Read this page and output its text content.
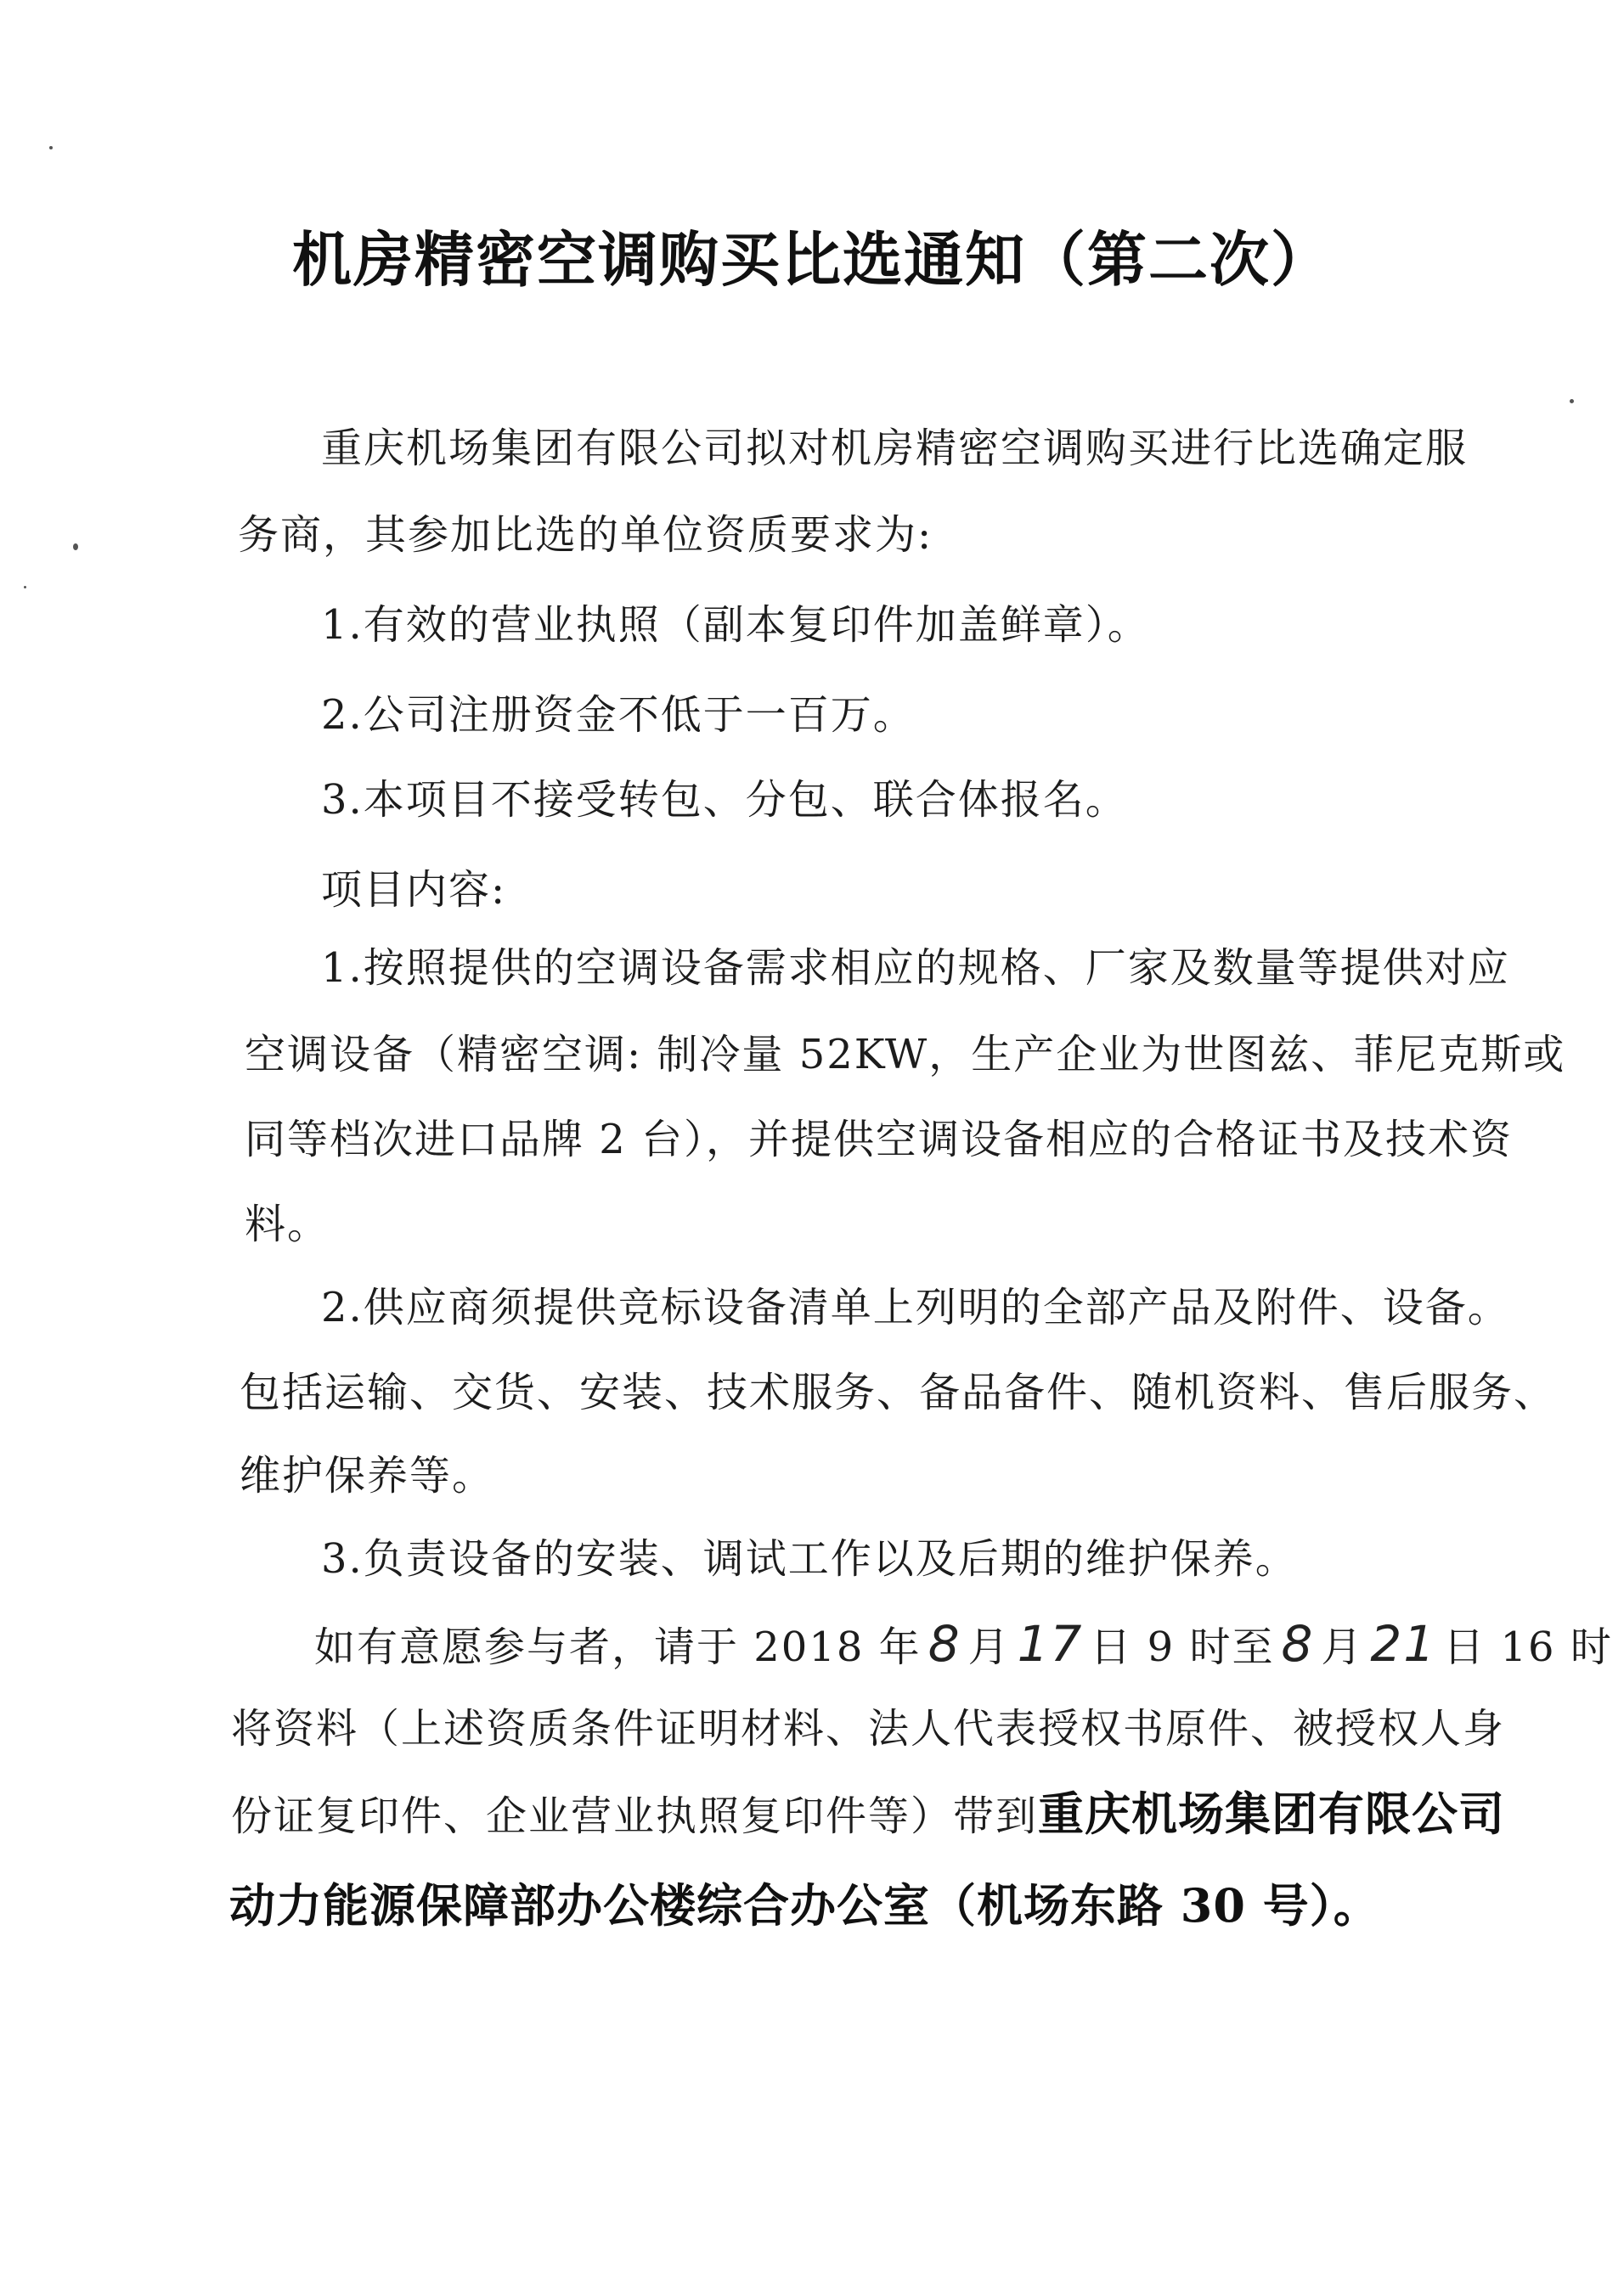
机房精密空调购买比选通知（第二次）
重庆机场集团有限公司拟对机房精密空调购买进行比选确定服
务商，其参加比选的单位资质要求为:
1.有效的营业执照（副本复印件加盖鲜章）。
2.公司注册资金不低于一百万。
3.本项目不接受转包、分包、联合体报名。
项目内容:
1.按照提供的空调设备需求相应的规格、厂家及数量等提供对应
空调设备（精密空调: 制冷量 52KW，生产企业为世图兹、菲尼克斯或
同等档次进口品牌 2 台），并提供空调设备相应的合格证书及技术资
料。
2.供应商须提供竞标设备清单上列明的全部产品及附件、设备。
包括运输、交货、安装、技术服务、备品备件、随机资料、售后服务、
维护保养等。
3.负责设备的安装、调试工作以及后期的维护保养。
如有意愿参与者，请于 2018 年 8 月 17 日 9 时至 8 月 21 日 16 时
将资料（上述资质条件证明材料、法人代表授权书原件、被授权人身
份证复印件、企业营业执照复印件等）带到重庆机场集团有限公司
动力能源保障部办公楼综合办公室（机场东路 30 号）。
